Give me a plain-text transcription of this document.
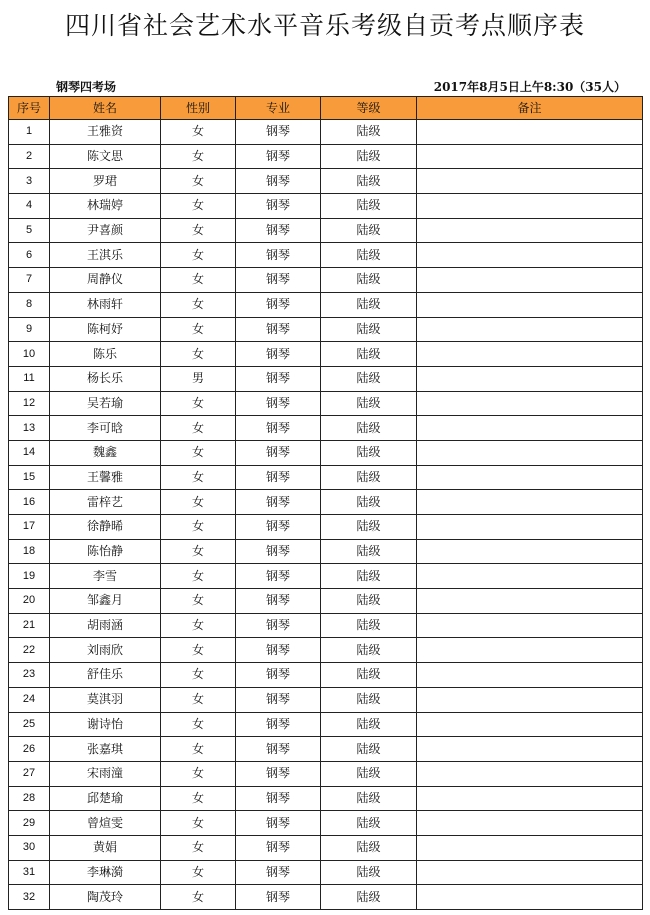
四川省社会艺术水平音乐考级自贡考点顺序表
钢琴四考场	2017年8月5日上午8:30（35人）
序号	姓名	性别	专业	等级	备注
1	王雅资	女	钢琴	陆级	
2	陈文思	女	钢琴	陆级	
3	罗珺	女	钢琴	陆级	
4	林瑞婷	女	钢琴	陆级	
5	尹喜颜	女	钢琴	陆级	
6	王淇乐	女	钢琴	陆级	
7	周静仪	女	钢琴	陆级	
8	林雨轩	女	钢琴	陆级	
9	陈柯妤	女	钢琴	陆级	
10	陈乐	女	钢琴	陆级	
11	杨长乐	男	钢琴	陆级	
12	吴若瑜	女	钢琴	陆级	
13	李可晗	女	钢琴	陆级	
14	魏鑫	女	钢琴	陆级	
15	王馨雅	女	钢琴	陆级	
16	雷梓艺	女	钢琴	陆级	
17	徐静晞	女	钢琴	陆级	
18	陈怡静	女	钢琴	陆级	
19	李雪	女	钢琴	陆级	
20	邹鑫月	女	钢琴	陆级	
21	胡雨涵	女	钢琴	陆级	
22	刘雨欣	女	钢琴	陆级	
23	舒佳乐	女	钢琴	陆级	
24	莫淇羽	女	钢琴	陆级	
25	谢诗怡	女	钢琴	陆级	
26	张嘉琪	女	钢琴	陆级	
27	宋雨潼	女	钢琴	陆级	
28	邱楚瑜	女	钢琴	陆级	
29	曾煊雯	女	钢琴	陆级	
30	黄娟	女	钢琴	陆级	
31	李琳漪	女	钢琴	陆级	
32	陶茂玲	女	钢琴	陆级	
